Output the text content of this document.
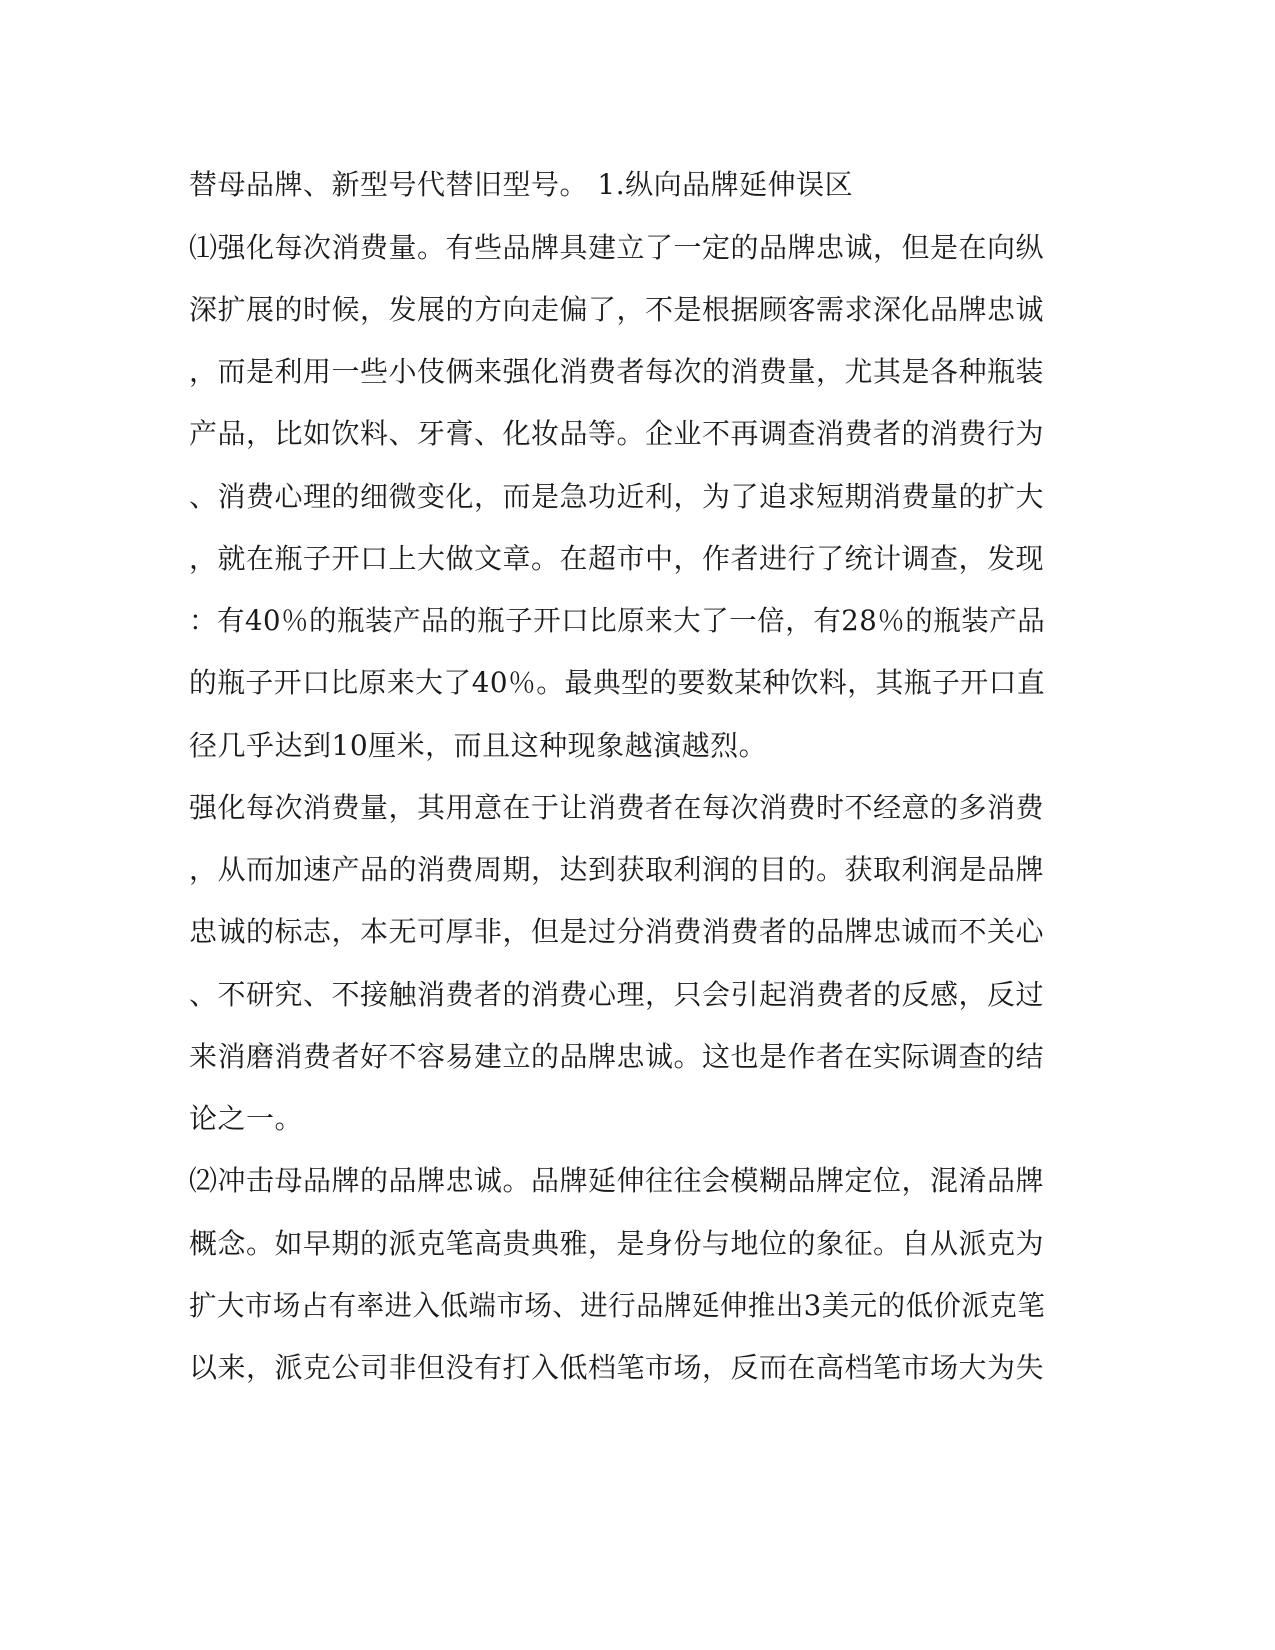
替母品牌、新型号代替旧型号。 1.纵向品牌延伸误区
⑴强化每次消费量。有些品牌具建立了一定的品牌忠诚，但是在向纵
深扩展的时候，发展的方向走偏了，不是根据顾客需求深化品牌忠诚
，而是利用一些小伎俩来强化消费者每次的消费量，尤其是各种瓶装
产品，比如饮料、牙膏、化妆品等。企业不再调查消费者的消费行为
、消费心理的细微变化，而是急功近利，为了追求短期消费量的扩大
，就在瓶子开口上大做文章。在超市中，作者进行了统计调查，发现
：有40％的瓶装产品的瓶子开口比原来大了一倍，有28％的瓶装产品
的瓶子开口比原来大了40％。最典型的要数某种饮料，其瓶子开口直
径几乎达到10厘米，而且这种现象越演越烈。
强化每次消费量，其用意在于让消费者在每次消费时不经意的多消费
，从而加速产品的消费周期，达到获取利润的目的。获取利润是品牌
忠诚的标志，本无可厚非，但是过分消费消费者的品牌忠诚而不关心
、不研究、不接触消费者的消费心理，只会引起消费者的反感，反过
来消磨消费者好不容易建立的品牌忠诚。这也是作者在实际调查的结
论之一。
⑵冲击母品牌的品牌忠诚。品牌延伸往往会模糊品牌定位，混淆品牌
概念。如早期的派克笔高贵典雅，是身份与地位的象征。自从派克为
扩大市场占有率进入低端市场、进行品牌延伸推出3美元的低价派克笔
以来，派克公司非但没有打入低档笔市场，反而在高档笔市场大为失
